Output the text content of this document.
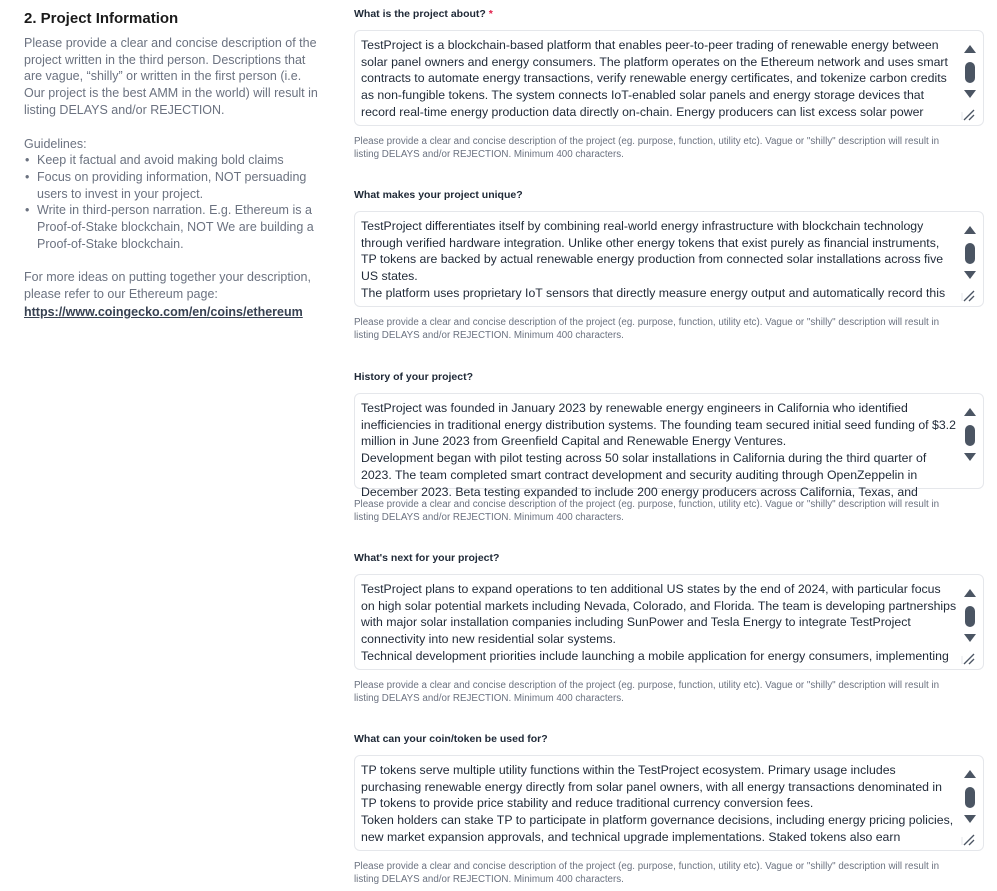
2. Project Information

Please provide a clear and concise description of the project written in the third person. Descriptions that are vague, “shilly” or written in the first person (i.e. Our project is the best AMM in the world) will result in listing DELAYS and/or REJECTION.

Guidelines:

• Keep it factual and avoid making bold claims
• Focus on providing information, NOT persuading users to invest in your project.
• Write in third-person narration. E.g. Ethereum is a Proof-of-Stake blockchain, NOT We are building a Proof-of-Stake blockchain.

For more ideas on putting together your description, please refer to our Ethereum page:

https://www.coingecko.com/en/coins/ethereum
What is the project about? *
TestProject is a blockchain-based platform that enables peer-to-peer trading of renewable energy between solar panel owners and energy consumers. The platform operates on the Ethereum network and uses smart contracts to automate energy transactions, verify renewable energy certificates, and tokenize carbon credits as non-fungible tokens. The system connects IoT-enabled solar panels and energy storage devices that record real-time energy production data directly on-chain. Energy producers can list excess solar power
Please provide a clear and concise description of the project (eg. purpose, function, utility etc). Vague or "shilly" description will result in listing DELAYS and/or REJECTION. Minimum 400 characters.
What makes your project unique?
TestProject differentiates itself by combining real-world energy infrastructure with blockchain technology through verified hardware integration. Unlike other energy tokens that exist purely as financial instruments, TP tokens are backed by actual renewable energy production from connected solar installations across five US states.
The platform uses proprietary IoT sensors that directly measure energy output and automatically record this
Please provide a clear and concise description of the project (eg. purpose, function, utility etc). Vague or "shilly" description will result in listing DELAYS and/or REJECTION. Minimum 400 characters.
History of your project?
TestProject was founded in January 2023 by renewable energy engineers in California who identified inefficiencies in traditional energy distribution systems. The founding team secured initial seed funding of $3.2 million in June 2023 from Greenfield Capital and Renewable Energy Ventures.
Development began with pilot testing across 50 solar installations in California during the third quarter of 2023. The team completed smart contract development and security auditing through OpenZeppelin in December 2023. Beta testing expanded to include 200 energy producers across California, Texas, and
Please provide a clear and concise description of the project (eg. purpose, function, utility etc). Vague or "shilly" description will result in listing DELAYS and/or REJECTION. Minimum 400 characters.
What's next for your project?
TestProject plans to expand operations to ten additional US states by the end of 2024, with particular focus on high solar potential markets including Nevada, Colorado, and Florida. The team is developing partnerships with major solar installation companies including SunPower and Tesla Energy to integrate TestProject connectivity into new residential solar systems.
Technical development priorities include launching a mobile application for energy consumers, implementing
Please provide a clear and concise description of the project (eg. purpose, function, utility etc). Vague or "shilly" description will result in listing DELAYS and/or REJECTION. Minimum 400 characters.
What can your coin/token be used for?
TP tokens serve multiple utility functions within the TestProject ecosystem. Primary usage includes purchasing renewable energy directly from solar panel owners, with all energy transactions denominated in TP tokens to provide price stability and reduce traditional currency conversion fees.
Token holders can stake TP to participate in platform governance decisions, including energy pricing policies, new market expansion approvals, and technical upgrade implementations. Staked tokens also earn
Please provide a clear and concise description of the project (eg. purpose, function, utility etc). Vague or "shilly" description will result in listing DELAYS and/or REJECTION. Minimum 400 characters.
